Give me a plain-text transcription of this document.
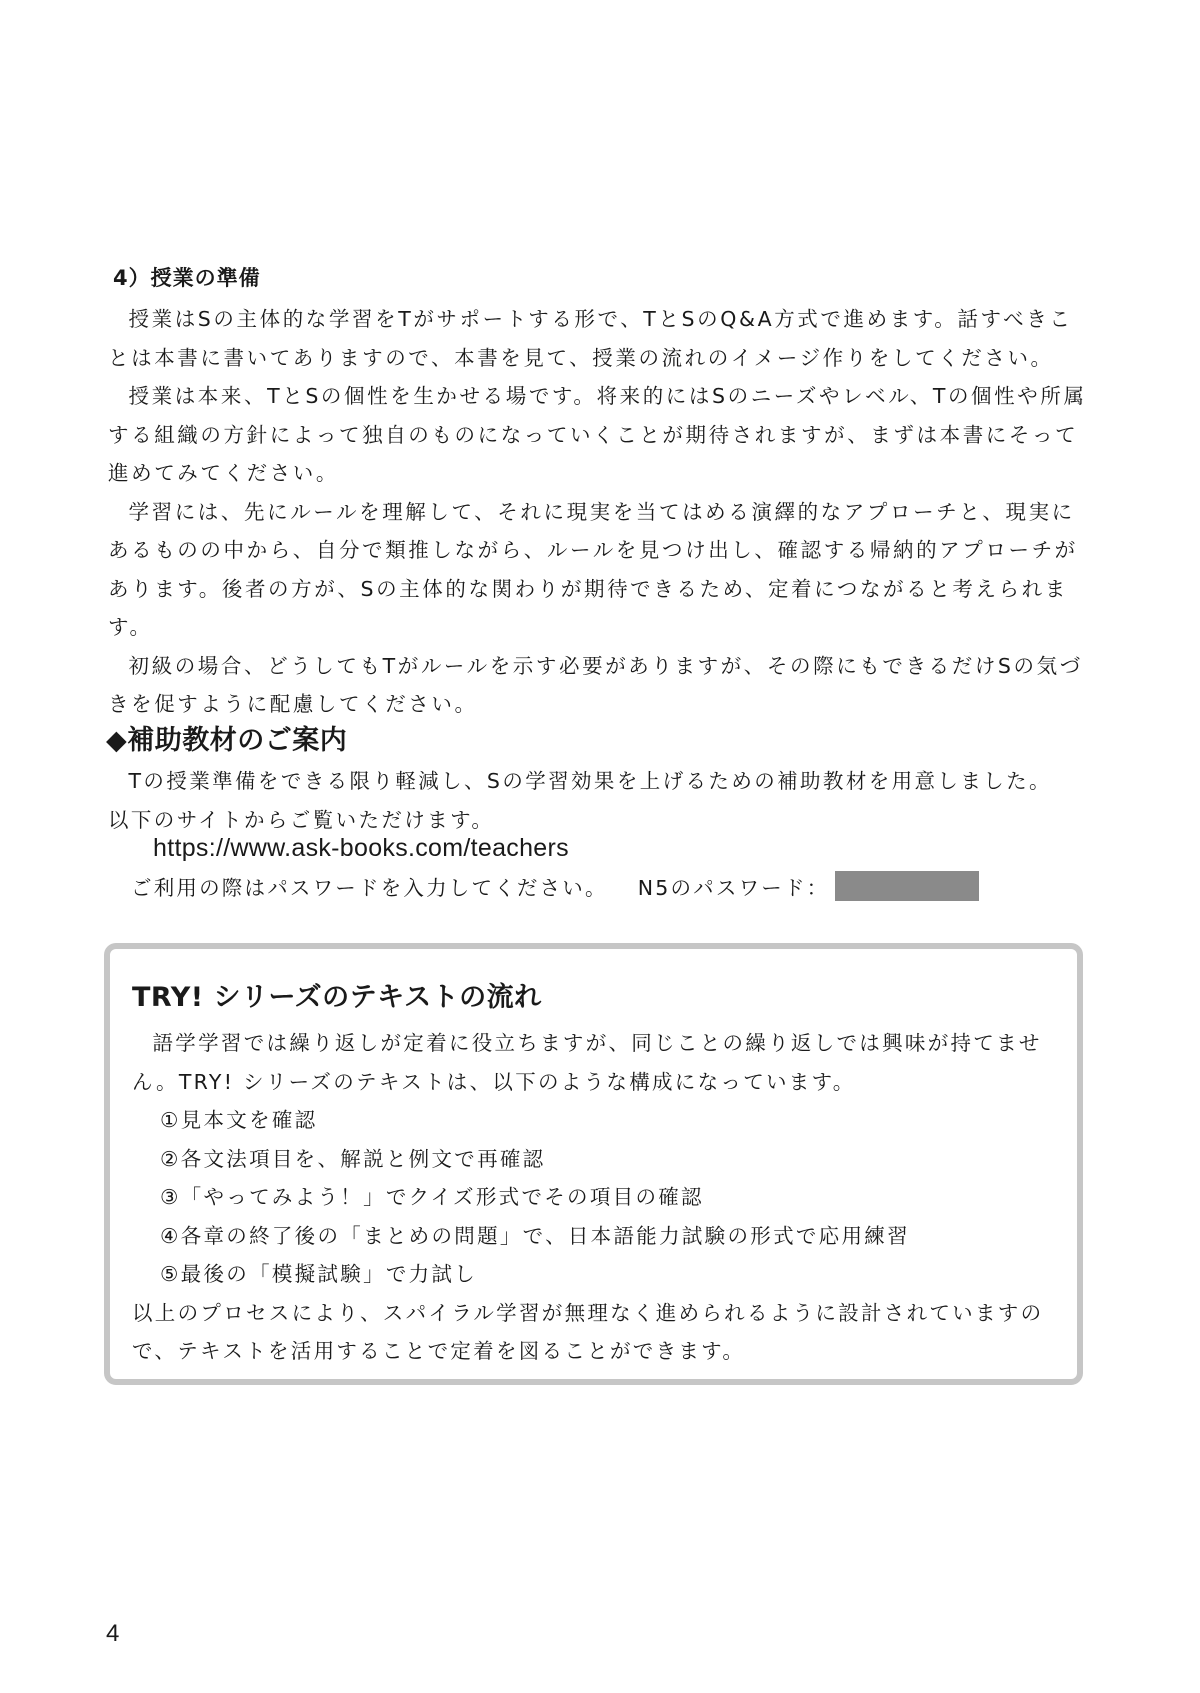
4）授業の準備

授業はSの主体的な学習をTがサポートする形で、TとSのQ&A方式で進めます。話すべきことは本書に書いてありますので、本書を見て、授業の流れのイメージ作りをしてください。

授業は本来、TとSの個性を生かせる場です。将来的にはSのニーズやレベル、Tの個性や所属する組織の方針によって独自のものになっていくことが期待されますが、まずは本書にそって進めてみてください。

学習には、先にルールを理解して、それに現実を当てはめる演繹的なアプローチと、現実にあるものの中から、自分で類推しながら、ルールを見つけ出し、確認する帰納的アプローチがあります。後者の方が、Sの主体的な関わりが期待できるため、定着につながると考えられます。

初級の場合、どうしてもTがルールを示す必要がありますが、その際にもできるだけSの気づきを促すように配慮してください。

◆補助教材のご案内

Tの授業準備をできる限り軽減し、Sの学習効果を上げるための補助教材を用意しました。

以下のサイトからご覧いただけます。

https://www.ask-books.com/teachers
ご利用の際はパスワードを入力してください。 N5のパスワード：
TRY! シリーズのテキストの流れ

語学学習では繰り返しが定着に役立ちますが、同じことの繰り返しでは興味が持てません。TRY! シリーズのテキストは、以下のような構成になっています。

①見本文を確認
②各文法項目を、解説と例文で再確認
③「やってみよう！」でクイズ形式でその項目の確認
④各章の終了後の「まとめの問題」で、日本語能力試験の形式で応用練習
⑤最後の「模擬試験」で力試し

以上のプロセスにより、スパイラル学習が無理なく進められるように設計されていますので、テキストを活用することで定着を図ることができます。

4
